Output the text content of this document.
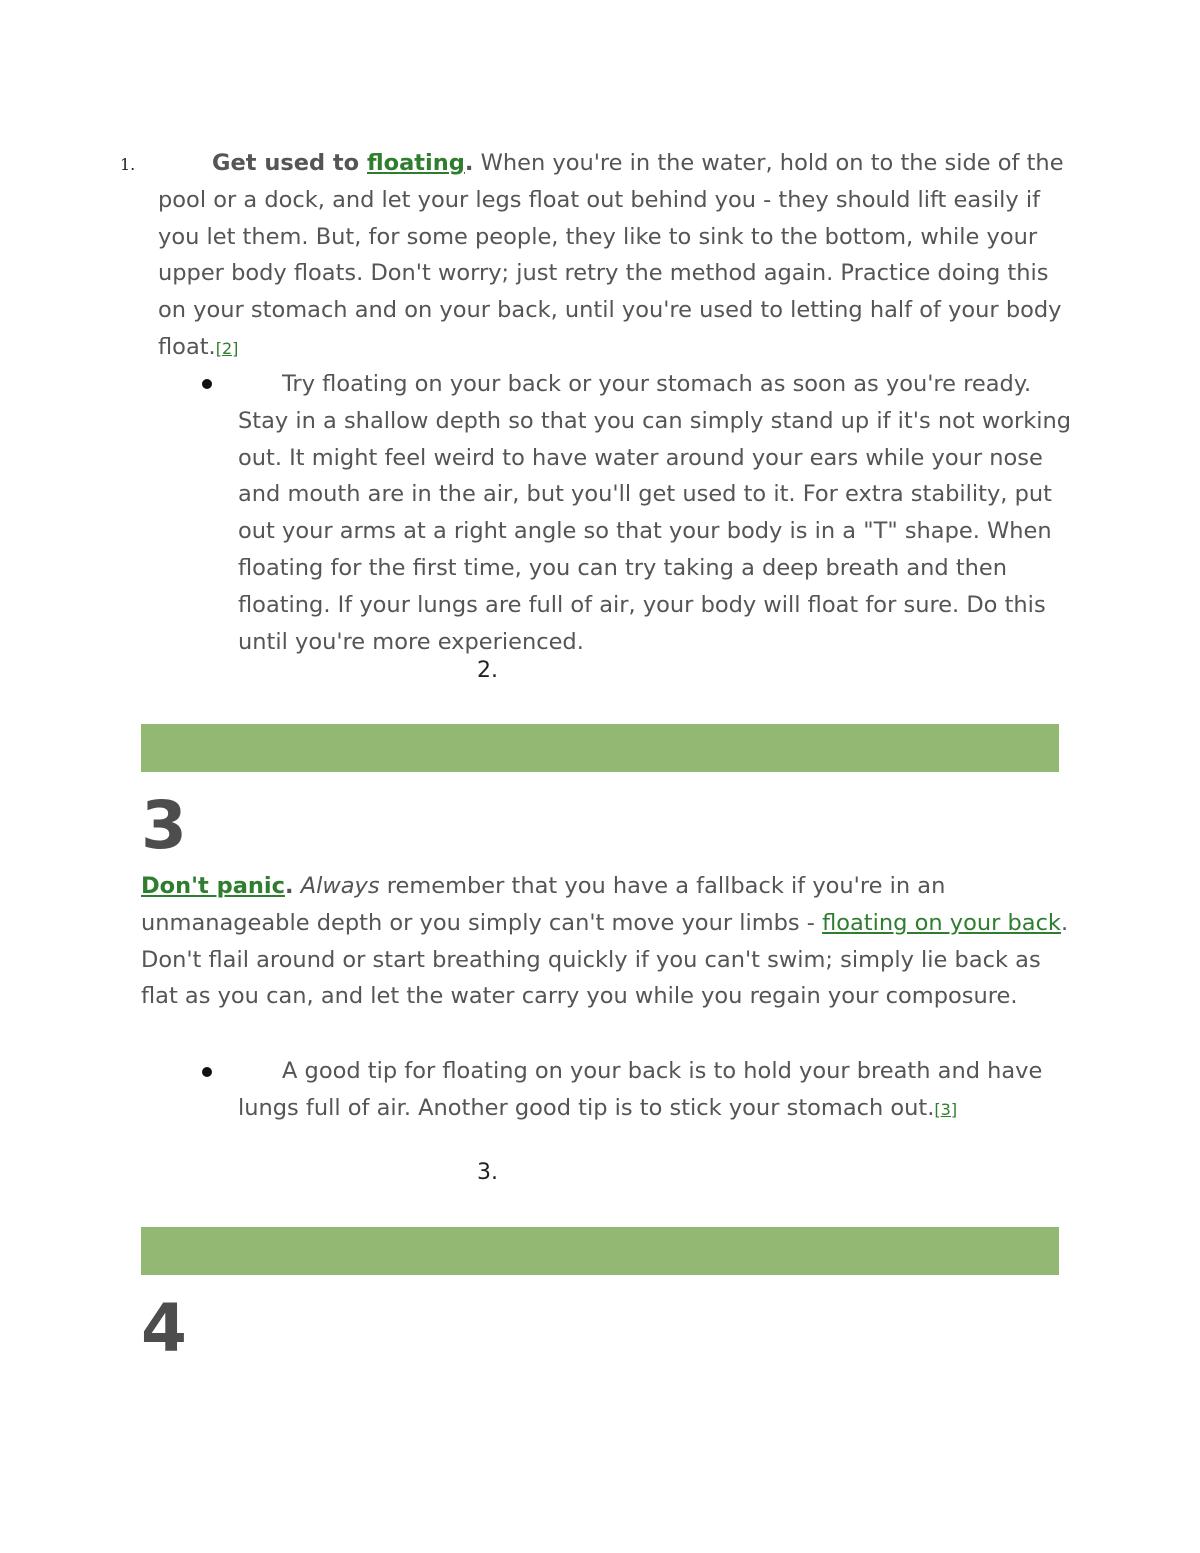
1.	Get used to floating. When you're in the water, hold on to the side of the pool or a dock, and let your legs float out behind you - they should lift easily if you let them. But, for some people, they like to sink to the bottom, while your upper body floats. Don't worry; just retry the method again. Practice doing this on your stomach and on your back, until you're used to letting half of your body float.[2]
Try floating on your back or your stomach as soon as you're ready. Stay in a shallow depth so that you can simply stand up if it's not working out. It might feel weird to have water around your ears while your nose and mouth are in the air, but you'll get used to it. For extra stability, put out your arms at a right angle so that your body is in a "T" shape. When floating for the first time, you can try taking a deep breath and then floating. If your lungs are full of air, your body will float for sure. Do this until you're more experienced.
2.
3
Don't panic. Always remember that you have a fallback if you're in an unmanageable depth or you simply can't move your limbs - floating on your back. Don't flail around or start breathing quickly if you can't swim; simply lie back as flat as you can, and let the water carry you while you regain your composure.
A good tip for floating on your back is to hold your breath and have lungs full of air. Another good tip is to stick your stomach out.[3]
3.
4
